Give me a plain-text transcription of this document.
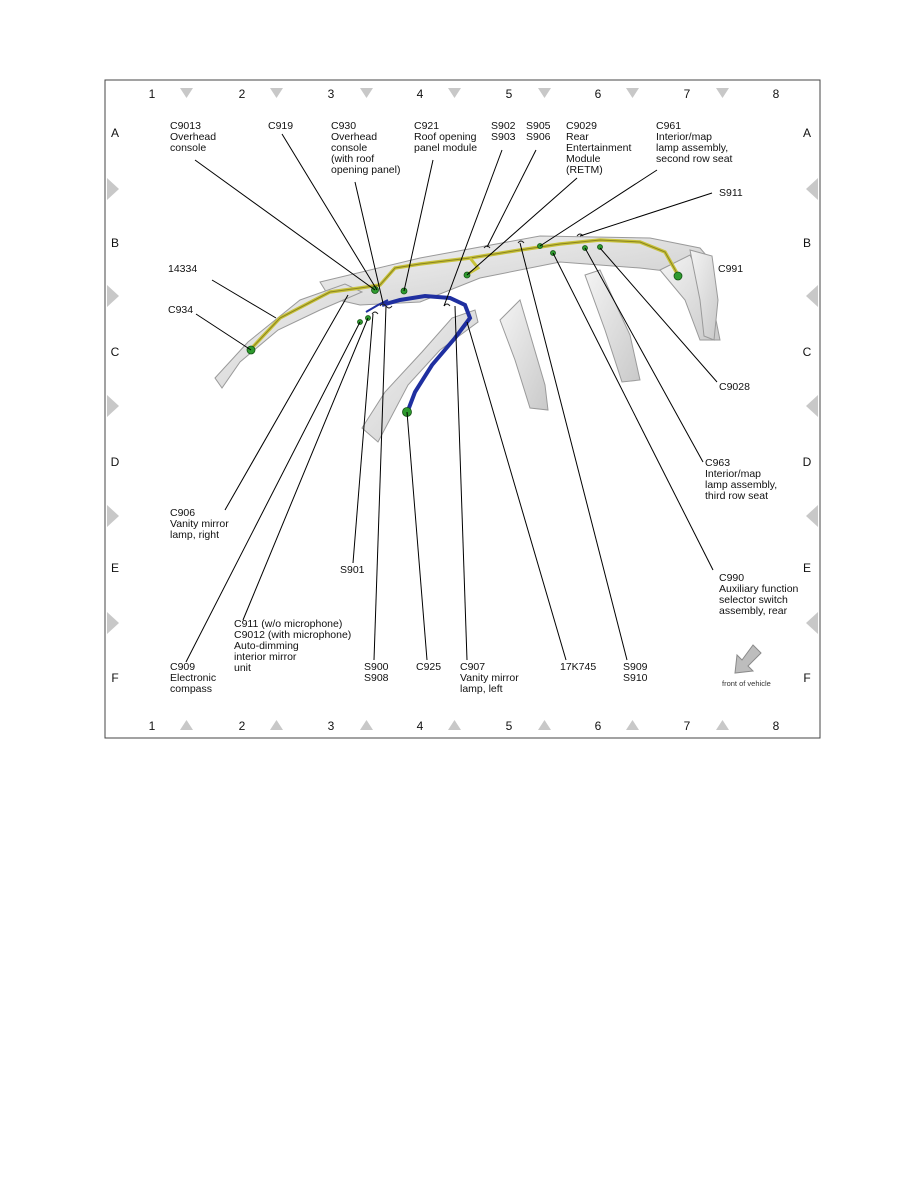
1	2	3	4	5	6	7	8
1	2	3	4	5	6	7	8
A
B
C
D
E
F
A
B
C
D
E
F
C9013 Overhead console
C919	C930 Overhead console (with roof opening panel)
C921 Roof opening panel module
S902 S903
S905 S906
C9029 Rear Entertainment Module (RETM)
C961 Interior/map lamp assembly, second row seat
S911
C991
14334
C934
C9028
C963 Interior/map lamp assembly, third row seat
C906 Vanity mirror lamp, right
S901
C990 Auxiliary function selector switch assembly, rear
C911 (w/o microphone) C9012 (with microphone) Auto-dimming interior mirror unit
C909 Electronic compass
S900 S908
C925 C907 Vanity mirror lamp, left
17K745	S909 S910	front of vehicle
